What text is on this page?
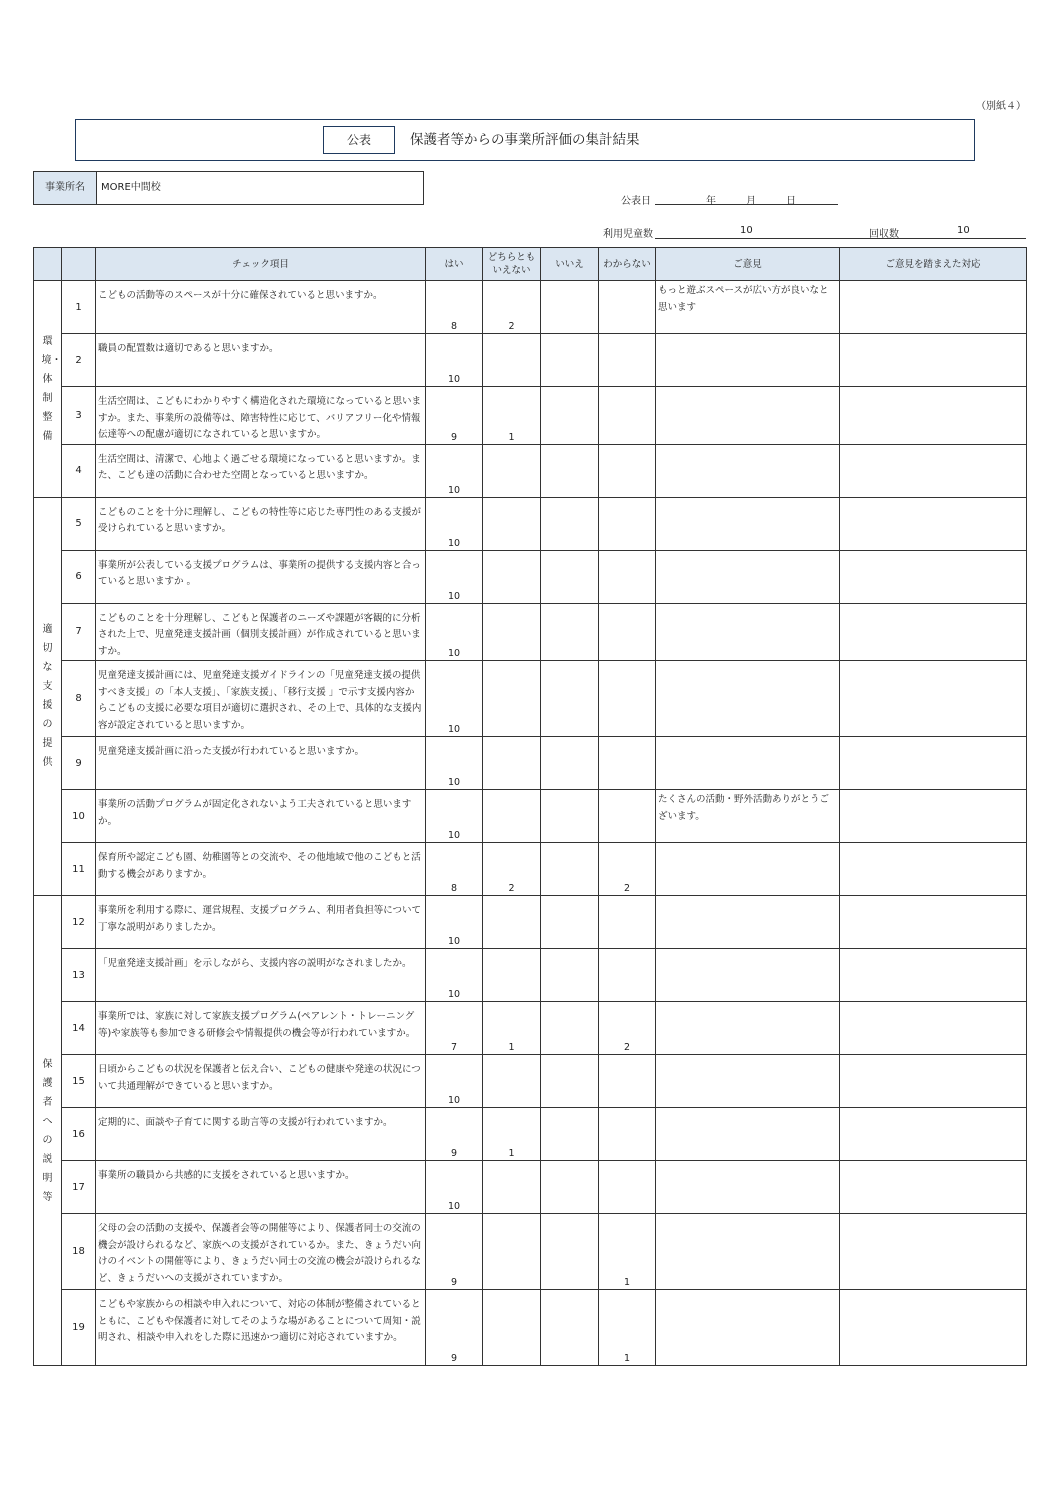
（別紙４）
公表	保護者等からの事業所評価の集計結果
事業所名	MORE中間校
公表日	年	月	日
利用児童数	10	回収数	10
		チェック項目	はい	どちらとも
いえない	いいえ	わからない	ご意見	ご意見を踏まえた対応
環境・体制整備	1	こどもの活動等のスペースが十分に確保されていると思いますか。	8	2			もっと遊ぶスペースが広い方が良いなと思います	
	2	職員の配置数は適切であると思いますか。	10					
	3	生活空間は、こどもにわかりやすく構造化された環境になっていると思いますか。また、事業所の設備等は、障害特性に応じて、バリアフリー化や情報伝達等への配慮が適切になされていると思いますか。	9	1				
	4	生活空間は、清潔で、心地よく過ごせる環境になっていると思いますか。また、こども達の活動に合わせた空間となっていると思いますか。	10					
適切な支援の提供	5	こどものことを十分に理解し、こどもの特性等に応じた専門性のある支援が受けられていると思いますか。	10					
	6	事業所が公表している支援プログラムは、事業所の提供する支援内容と合っていると思いますか 。	10					
	7	こどものことを十分理解し、こどもと保護者のニーズや課題が客観的に分析された上で、児童発達支援計画（個別支援計画）が作成されていると思いますか。	10					
	8	児童発達支援計画には、児童発達支援ガイドラインの「児童発達支援の提供すべき支援」の「本人支援」、「家族支援」、「移行支援 」で示す支援内容からこどもの支援に必要な項目が適切に選択され、その上で、具体的な支援内容が設定されていると思いますか。	10					
	9	児童発達支援計画に沿った支援が行われていると思いますか。	10					
	10	事業所の活動プログラムが固定化されないよう工夫されていると思いますか。	10				たくさんの活動・野外活動ありがとうございます。	
	11	保育所や認定こども園、幼稚園等との交流や、その他地域で他のこどもと活動する機会がありますか。	8	2		2		
保護者への説明等	12	事業所を利用する際に、運営規程、支援プログラム、利用者負担等について丁寧な説明がありましたか。	10					
	13	「児童発達支援計画」を示しながら、支援内容の説明がなされましたか。	10					
	14	事業所では、家族に対して家族支援プログラム(ペアレント・トレーニング等)や家族等も参加できる研修会や情報提供の機会等が行われていますか。	7	1		2		
	15	日頃からこどもの状況を保護者と伝え合い、こどもの健康や発達の状況について共通理解ができていると思いますか。	10					
	16	定期的に、面談や子育てに関する助言等の支援が行われていますか。	9	1				
	17	事業所の職員から共感的に支援をされていると思いますか。	10					
	18	父母の会の活動の支援や、保護者会等の開催等により、保護者同士の交流の機会が設けられるなど、家族への支援がされているか。また、きょうだい向けのイベントの開催等により、きょうだい同士の交流の機会が設けられるなど、きょうだいへの支援がされていますか。	9			1		
	19	こどもや家族からの相談や申入れについて、対応の体制が整備されているとともに、こどもや保護者に対してそのような場があることについて周知・説明され、相談や申入れをした際に迅速かつ適切に対応されていますか。	9			1		
